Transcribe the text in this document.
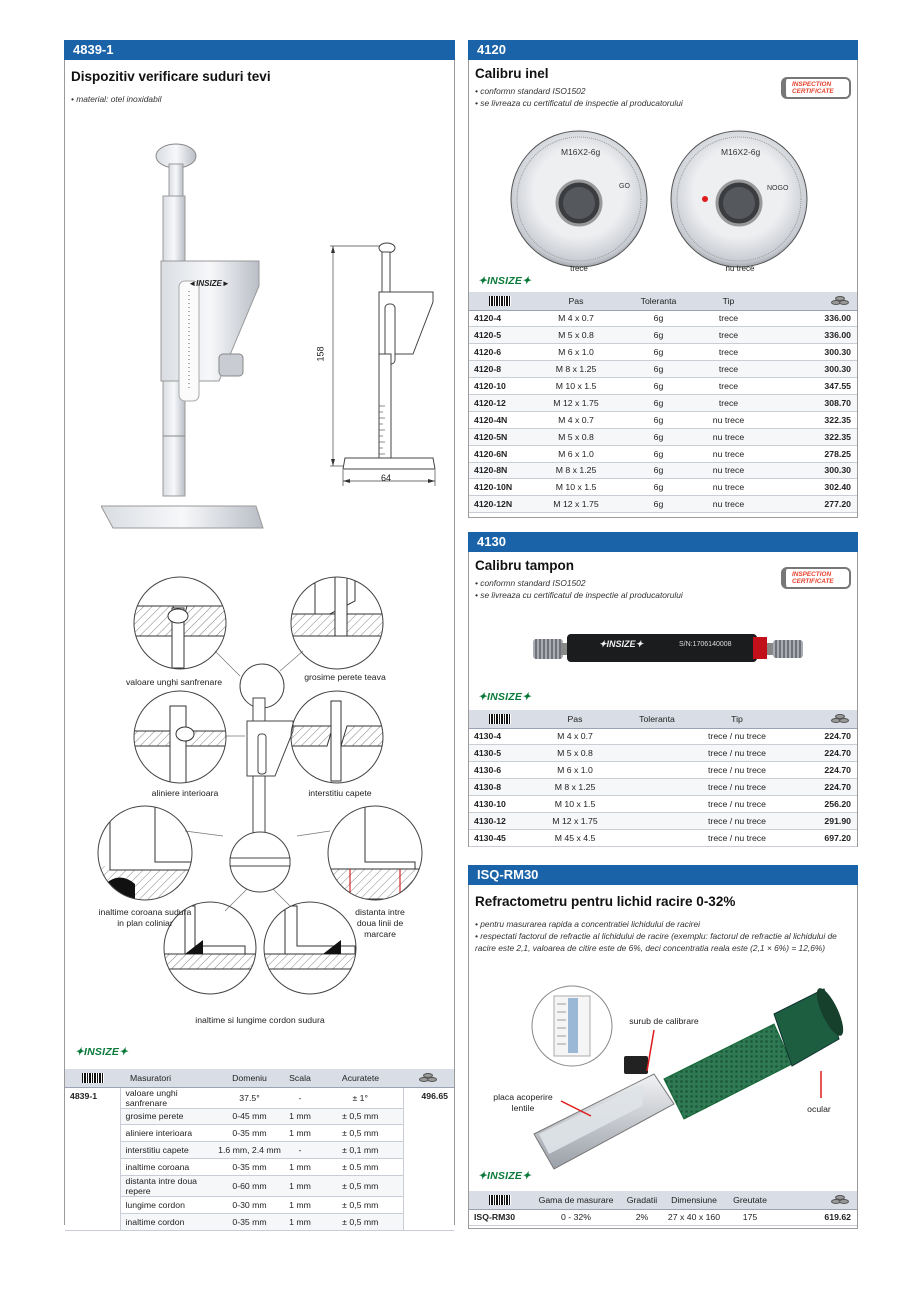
4839-1
Dispozitiv verificare suduri tevi
• material: otel inoxidabil
◄INSIZE►
158
64
valoare unghi sanfrenare	grosime perete teava
aliniere interioara	interstitiu capete
inaltime coroana sudura
in plan coliniar
distanta intre
doua linii de
marcare
inaltime si lungime cordon sudura
✦INSIZE✦
	Masuratori	Domeniu	Scala	Acuratete	

4839-1	valoare unghi sanfrenare	37.5°	-	± 1°	496.65
	grosime perete	0-45 mm	1 mm	± 0,5 mm	
	aliniere interioara	0-35 mm	1 mm	± 0,5 mm	
	interstitiu capete	1.6 mm, 2.4 mm	-	± 0,1 mm	
	inaltime coroana	0-35 mm	1 mm	± 0.5 mm	
	distanta intre doua repere	0-60 mm	1 mm	± 0,5 mm	
	lungime cordon	0-30 mm	1 mm	± 0,5 mm	
	inaltime cordon	0-35 mm	1 mm	± 0,5 mm	
4120
Calibru inel
• conformn standard ISO1502
• se livreaza cu certificatul de inspectie al producatorului
INSPECTION
CERTIFICATE
M16X2-6g
GO
M16X2-6g
NOGO
trece	nu trece
✦INSIZE✦
	Pas	Toleranta	Tip	

4120-4	M 4 x 0.7	6g	trece	336.00
4120-5	M 5 x 0.8	6g	trece	336.00
4120-6	M 6 x 1.0	6g	trece	300.30
4120-8	M 8 x 1.25	6g	trece	300.30
4120-10	M 10 x 1.5	6g	trece	347.55
4120-12	M 12 x 1.75	6g	trece	308.70
4120-4N	M 4 x 0.7	6g	nu trece	322.35
4120-5N	M 5 x 0.8	6g	nu trece	322.35
4120-6N	M 6 x 1.0	6g	nu trece	278.25
4120-8N	M 8 x 1.25	6g	nu trece	300.30
4120-10N	M 10 x 1.5	6g	nu trece	302.40
4120-12N	M 12 x 1.75	6g	nu trece	277.20
4130
Calibru tampon
• conformn standard ISO1502
• se livreaza cu certificatul de inspectie al producatorului
INSPECTION
CERTIFICATE
✦INSIZE✦	S/N:1706140008
✦INSIZE✦
	Pas	Toleranta	Tip	

4130-4	M 4 x 0.7		trece / nu trece	224.70
4130-5	M 5 x 0.8		trece / nu trece	224.70
4130-6	M 6 x 1.0		trece / nu trece	224.70
4130-8	M 8 x 1.25		trece / nu trece	224.70
4130-10	M 10 x 1.5		trece / nu trece	256.20
4130-12	M 12 x 1.75		trece / nu trece	291.90
4130-45	M 45 x 4.5		trece / nu trece	697.20
ISQ-RM30
Refractometru pentru lichid racire 0-32%
• pentru masurarea rapida a concentratiei lichidului de racirei
• respectati factorul de refractie al lichidului de racire (exemplu: factorul de refractie al lichidului de racire este 2,1, valoarea de citire este de 6%, deci concentratia reala este (2,1 × 6%) = 12,6%)
surub de calibrare
placa acoperire
lentile	ocular
✦INSIZE✦
	Gama de masurare	Gradatii	Dimensiune	Greutate	

ISQ-RM30	0 - 32%	2%	27 x 40 x 160	175	619.62
